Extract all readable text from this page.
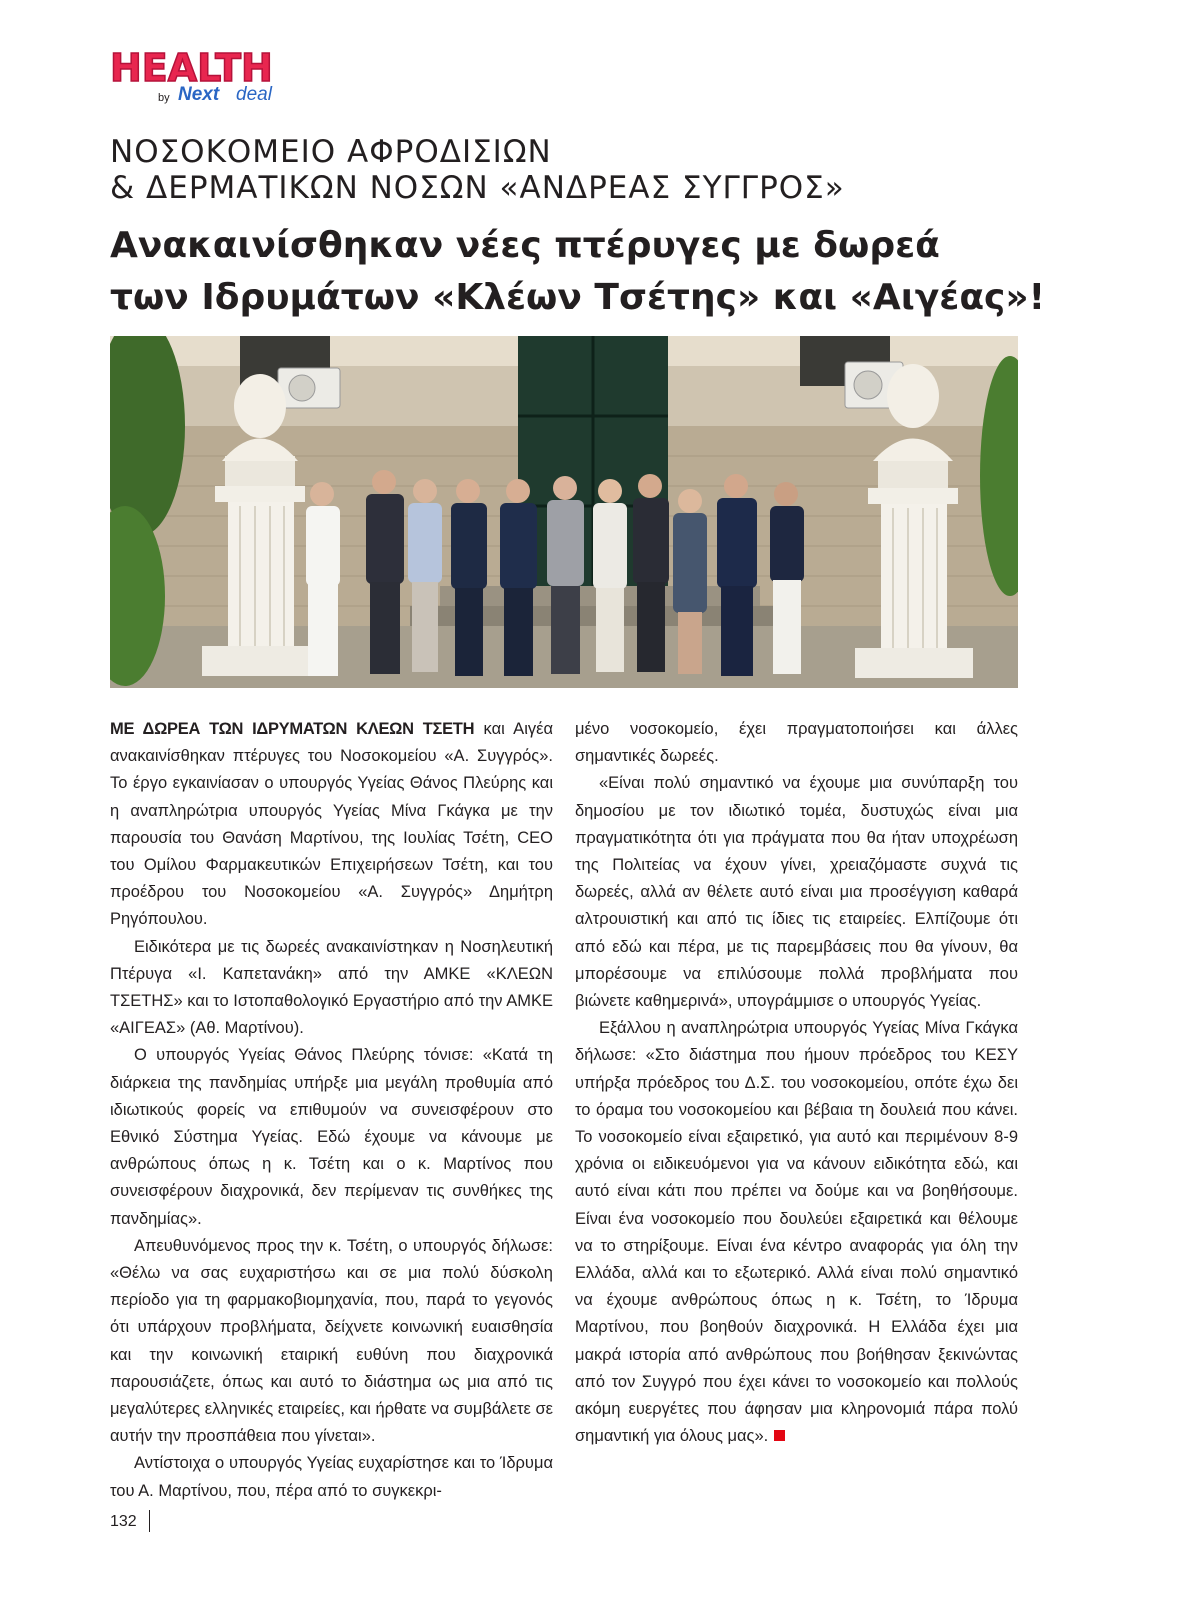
HEALTH
by Next deal
ΝΟΣΟΚΟΜΕΙΟ ΑΦΡΟΔΙΣΙΩΝ
& ΔΕΡΜΑΤΙΚΩΝ ΝΟΣΩΝ «ΑΝΔΡΕΑΣ ΣΥΓΓΡΟΣ»
Ανακαινίσθηκαν νέες πτέρυγες με δωρεά
των Ιδρυμάτων «Κλέων Τσέτης» και «Αιγέας»!

ΜΕ ΔΩΡΕΑ ΤΩΝ ΙΔΡΥΜΑΤΩΝ ΚΛΕΩΝ ΤΣΕΤΗ και Αιγέα ανακαινίσθηκαν πτέρυγες του Νοσοκομείου «Α. Συγγρός». Το έργο εγκαινίασαν ο υπουργός Υγείας Θάνος Πλεύρης και η αναπληρώτρια υπουργός Υγείας Μίνα Γκάγκα με την παρουσία του Θανάση Μαρτίνου, της Ιουλίας Τσέτη, CEO του Ομίλου Φαρμακευτικών Επιχειρήσεων Τσέτη, και του προέδρου του Νοσοκομείου «Α. Συγγρός» Δημήτρη Ρηγόπουλου.

Ειδικότερα με τις δωρεές ανακαινίστηκαν η Νοσηλευτική Πτέρυγα «Ι. Καπετανάκη» από την ΑΜΚΕ «ΚΛΕΩΝ ΤΣΕΤΗΣ» και το Ιστοπαθολογικό Εργαστήριο από την ΑΜΚΕ «ΑΙΓΕΑΣ» (Αθ. Μαρτίνου).

Ο υπουργός Υγείας Θάνος Πλεύρης τόνισε: «Κατά τη διάρκεια της πανδημίας υπήρξε μια μεγάλη προθυμία από ιδιωτικούς φορείς να επιθυμούν να συνεισφέρουν στο Εθνικό Σύστημα Υγείας. Εδώ έχουμε να κάνουμε με ανθρώπους όπως η κ. Τσέτη και ο κ. Μαρτίνος που συνεισφέρουν διαχρονικά, δεν περίμεναν τις συνθήκες της πανδημίας».

Απευθυνόμενος προς την κ. Τσέτη, ο υπουργός δήλωσε: «Θέλω να σας ευχαριστήσω και σε μια πολύ δύσκολη περίοδο για τη φαρμακοβιομηχανία, που, παρά το γεγονός ότι υπάρχουν προβλήματα, δείχνετε κοινωνική ευαισθησία και την κοινωνική εταιρική ευθύνη που διαχρονικά παρουσιάζετε, όπως και αυτό το διάστημα ως μια από τις μεγαλύτερες ελληνικές εταιρείες, και ήρθατε να συμβάλετε σε αυτήν την προσπάθεια που γίνεται».

Αντίστοιχα ο υπουργός Υγείας ευχαρίστησε και το Ίδρυμα του Α. Μαρτίνου, που, πέρα από το συγκεκρι-

μένο νοσοκομείο, έχει πραγματοποιήσει και άλλες σημαντικές δωρεές.

«Είναι πολύ σημαντικό να έχουμε μια συνύπαρξη του δημοσίου με τον ιδιωτικό τομέα, δυστυχώς είναι μια πραγματικότητα ότι για πράγματα που θα ήταν υποχρέωση της Πολιτείας να έχουν γίνει, χρειαζόμαστε συχνά τις δωρεές, αλλά αν θέλετε αυτό είναι μια προσέγγιση καθαρά αλτρουιστική και από τις ίδιες τις εταιρείες. Ελπίζουμε ότι από εδώ και πέρα, με τις παρεμβάσεις που θα γίνουν, θα μπορέσουμε να επιλύσουμε πολλά προβλήματα που βιώνετε καθημερινά», υπογράμμισε ο υπουργός Υγείας.

Εξάλλου η αναπληρώτρια υπουργός Υγείας Μίνα Γκάγκα δήλωσε: «Στο διάστημα που ήμουν πρόεδρος του ΚΕΣΥ υπήρξα πρόεδρος του Δ.Σ. του νοσοκομείου, οπότε έχω δει το όραμα του νοσοκομείου και βέβαια τη δουλειά που κάνει. Το νοσοκομείο είναι εξαιρετικό, για αυτό και περιμένουν 8-9 χρόνια οι ειδικευόμενοι για να κάνουν ειδικότητα εδώ, και αυτό είναι κάτι που πρέπει να δούμε και να βοηθήσουμε. Είναι ένα νοσοκομείο που δουλεύει εξαιρετικά και θέλουμε να το στηρίξουμε. Είναι ένα κέντρο αναφοράς για όλη την Ελλάδα, αλλά και το εξωτερικό. Αλλά είναι πολύ σημαντικό να έχουμε ανθρώπους όπως η κ. Τσέτη, το Ίδρυμα Μαρτίνου, που βοηθούν διαχρονικά. Η Ελλάδα έχει μια μακρά ιστορία από ανθρώπους που βοήθησαν ξεκινώντας από τον Συγγρό που έχει κάνει το νοσοκομείο και πολλούς ακόμη ευεργέτες που άφησαν μια κληρονομιά πάρα πολύ σημαντική για όλους μας».

132
